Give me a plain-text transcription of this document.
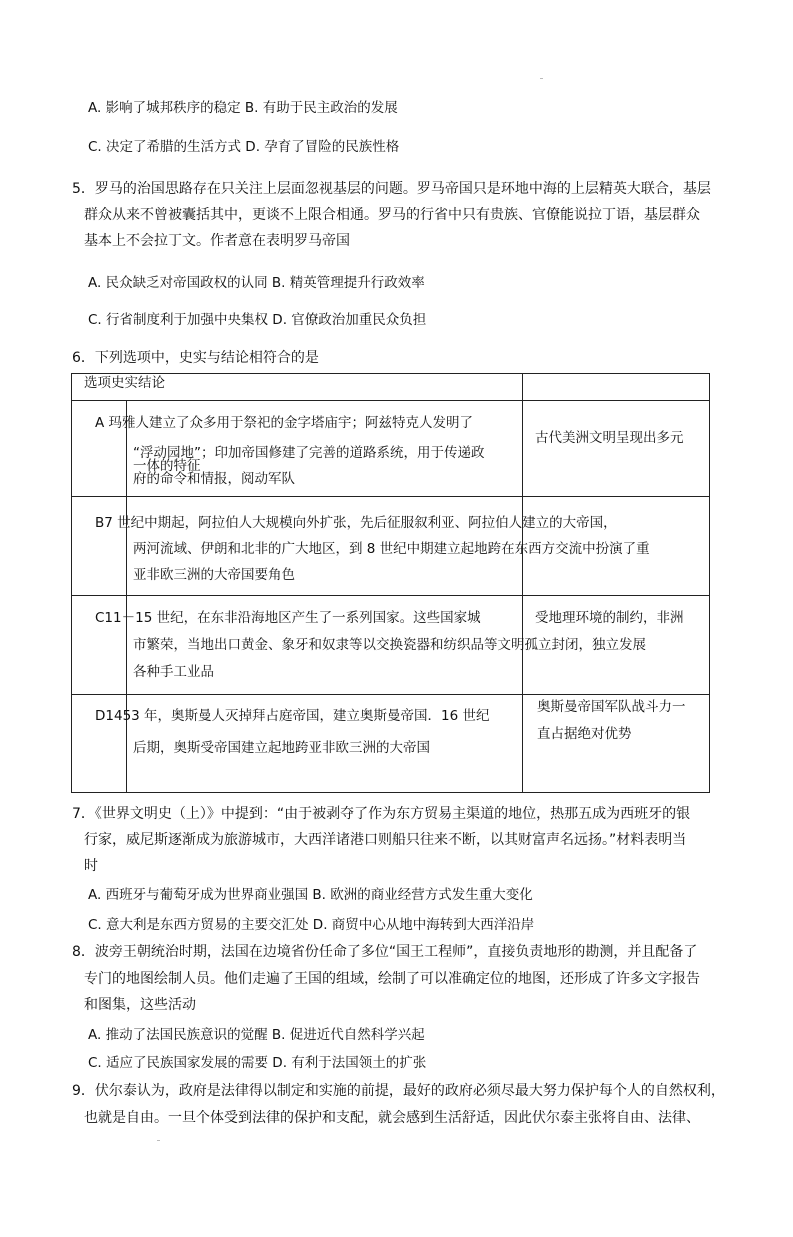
A. 影响了城邦秩序的稳定 B. 有助于民主政治的发展
C. 决定了希腊的生活方式 D. 孕育了冒险的民族性格
5．罗马的治国思路存在只关注上层面忽视基层的问题。罗马帝国只是环地中海的上层精英大联合，基层
群众从来不曾被囊括其中，更谈不上限合相通。罗马的行省中只有贵族、官僚能说拉丁语，基层群众
基本上不会拉丁文。作者意在表明罗马帝国
A. 民众缺乏对帝国政权的认同 B. 精英管理提升行政效率
C. 行省制度利于加强中央集权 D. 官僚政治加重民众负担
6．下列选项中，史实与结论相符合的是
选项史实结论
A 玛雅人建立了众多用于祭祀的金字塔庙宇；阿兹特克人发明了
“浮动园地”；印加帝国修建了完善的道路系统，用于传递政
一体的特征
府的命令和情报，阅动军队
古代美洲文明呈现出多元
B7 世纪中期起，阿拉伯人大规模向外扩张，先后征服叙利亚、阿拉伯人建立的大帝国，
两河流域、伊朗和北非的广大地区，到 8 世纪中期建立起地跨在东西方交流中扮演了重
亚非欧三洲的大帝国要角色
C11－15 世纪，在东非沿海地区产生了一系列国家。这些国家城	受地理环境的制约，非洲
市繁荣，当地出口黄金、象牙和奴隶等以交换瓷器和纺织品等文明孤立封闭，独立发展
各种手工业品
D1453 年，奥斯曼人灭掉拜占庭帝国，建立奥斯曼帝国．16 世纪
后期，奥斯受帝国建立起地跨亚非欧三洲的大帝国
奥斯曼帝国军队战斗力一
直占据绝对优势
7．《世界文明史（上）》中提到：“由于被剥夺了作为东方贸易主渠道的地位，热那五成为西班牙的银
行家，威尼斯逐渐成为旅游城市，大西洋诸港口则船只往来不断，以其财富声名远扬。”材料表明当
时
A. 西班牙与葡萄牙成为世界商业强国 B. 欧洲的商业经营方式发生重大变化
C. 意大利是东西方贸易的主要交汇处 D. 商贸中心从地中海转到大西洋沿岸
8．波旁王朝统治时期，法国在边境省份任命了多位“国王工程师”，直接负责地形的勘测，并且配备了
专门的地图绘制人员。他们走遍了王国的组域，绘制了可以准确定位的地图，还形成了许多文字报告
和图集，这些活动
A. 推动了法国民族意识的觉醒 B. 促进近代自然科学兴起
C. 适应了民族国家发展的需要 D. 有利于法国领土的扩张
9．伏尔泰认为，政府是法律得以制定和实施的前提，最好的政府必须尽最大努力保护每个人的自然权利，
也就是自由。一旦个体受到法律的保护和支配，就会感到生活舒适，因此伏尔泰主张将自由、法律、
